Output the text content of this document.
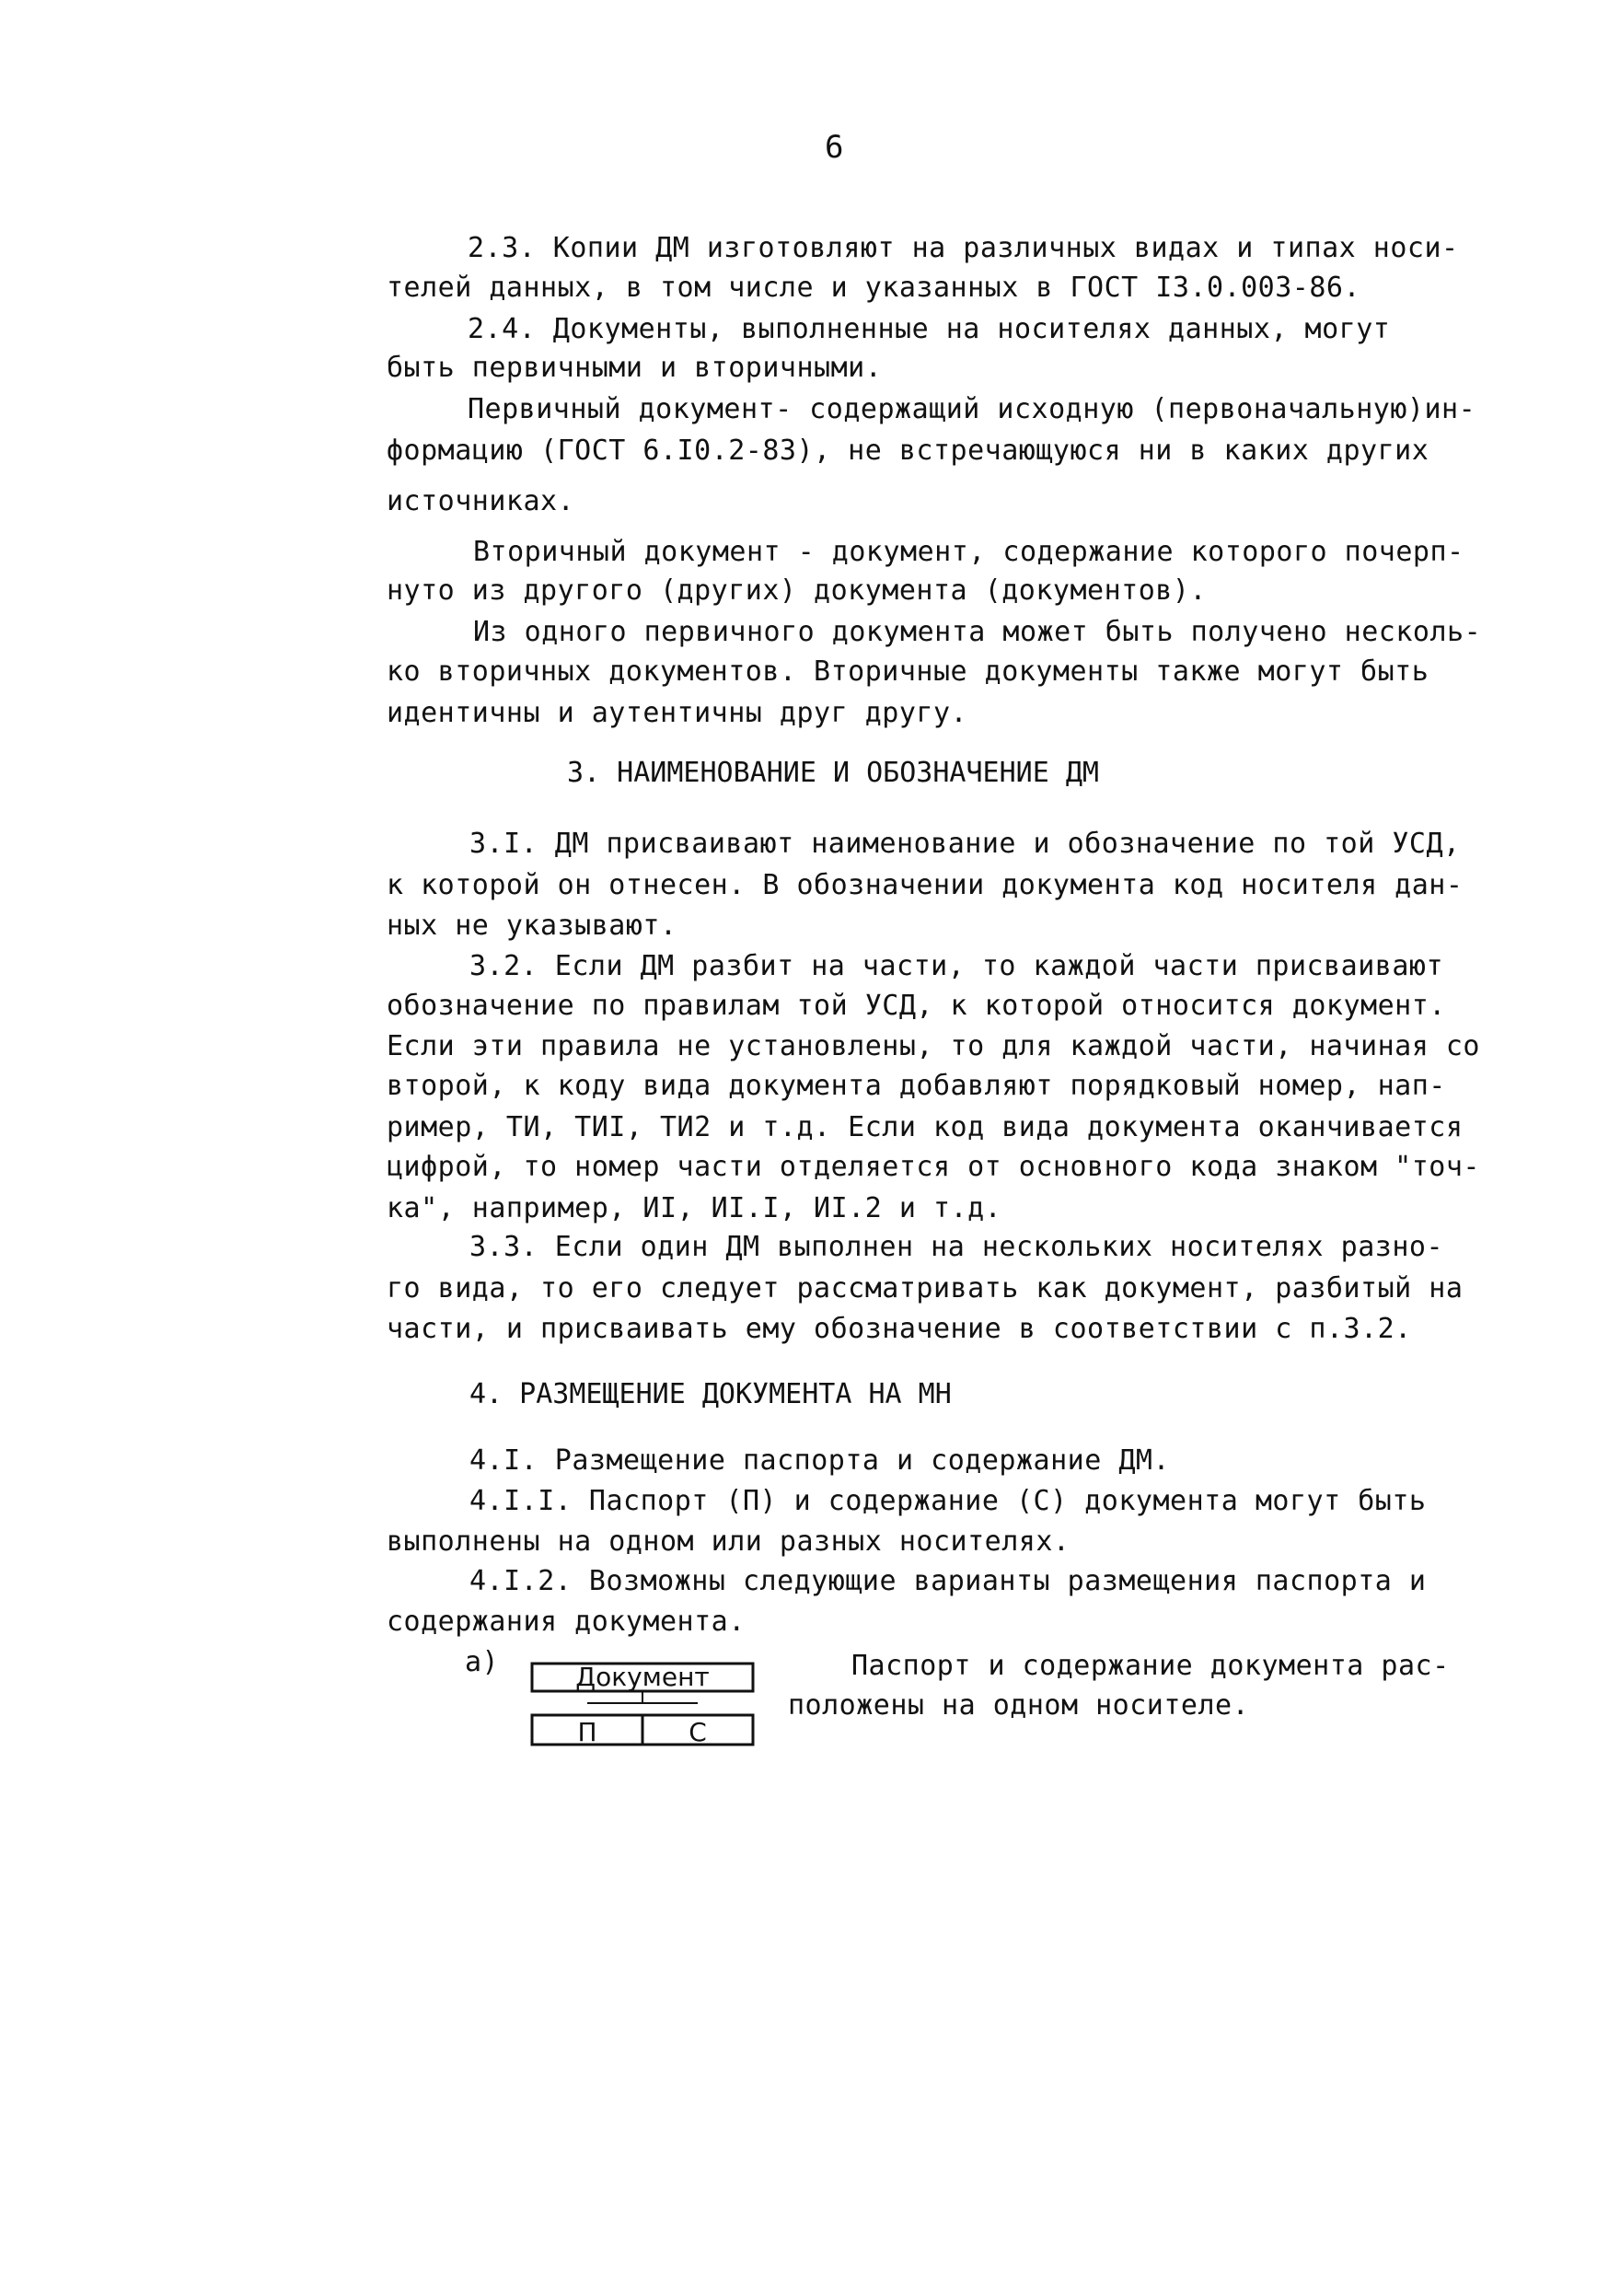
6
2.3. Копии ДМ изготовляют на различных видах и типах носи-
телей данных, в том числе и указанных в ГОСТ I3.0.003-86.
2.4. Документы, выполненные на носителях данных, могут
быть первичными и вторичными.
Первичный документ- содержащий исходную (первоначальную)ин-
формацию (ГОСТ 6.I0.2-83), не встречающуюся ни в каких других
источниках.
Вторичный документ - документ, содержание которого почерп-
нуто из другого (других) документа (документов).
Из одного первичного документа может быть получено несколь-
ко вторичных документов. Вторичные документы также могут быть
идентичны и аутентичны друг другу.
3. НАИМЕНОВАНИЕ И ОБОЗНАЧЕНИЕ ДМ
3.I. ДМ присваивают наименование и обозначение по той УСД,
к которой он отнесен. В обозначении документа код носителя дан-
ных не указывают.
3.2. Если ДМ разбит на части, то каждой части присваивают
обозначение по правилам той УСД, к которой относится документ.
Если эти правила не установлены, то для каждой части, начиная со
второй, к коду вида документа добавляют порядковый номер, нап-
ример, ТИ, ТИI, ТИ2 и т.д. Если код вида документа оканчивается
цифрой, то номер части отделяется от основного кода знаком "точ-
ка", например, ИI, ИI.I, ИI.2 и т.д.
3.3. Если один ДМ выполнен на нескольких носителях разно-
го вида, то его следует рассматривать как документ, разбитый на
части, и присваивать ему обозначение в соответствии с п.3.2.
4. РАЗМЕЩЕНИЕ ДОКУМЕНТА НА МН
4.I. Размещение паспорта и содержание ДМ.
4.I.I. Паспорт (П) и содержание (С) документа могут быть
выполнены на одном или разных носителях.
4.I.2. Возможны следующие варианты размещения паспорта и
содержания документа.
а)	Документ
П	С
Паспорт и содержание документа рас-
положены на одном носителе.
